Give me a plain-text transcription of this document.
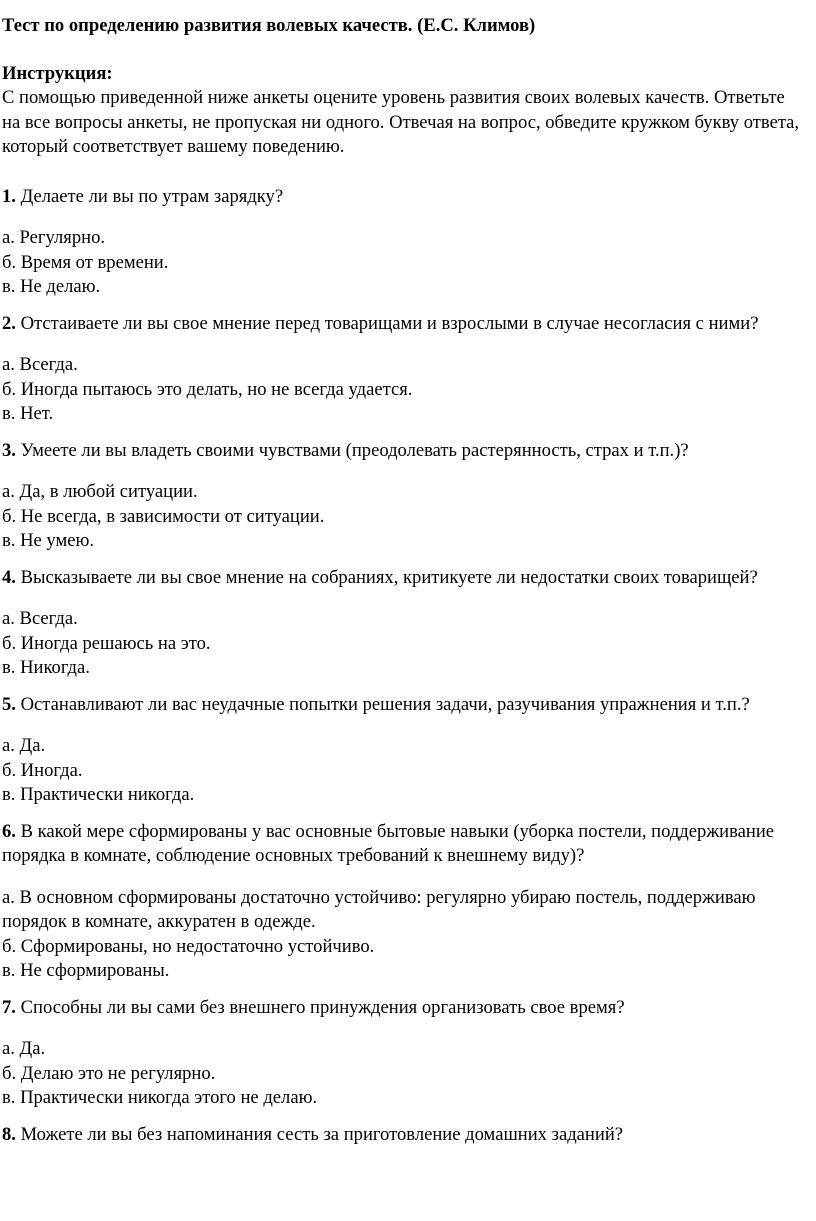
Тест по определению развития волевых качеств. (Е.С. Климов)
Инструкция:
С помощью приведенной ниже анкеты оцените уровень развития своих волевых качеств. Ответьте на все вопросы анкеты, не пропуская ни одного. Отвечая на вопрос, обведите кружком букву ответа, который соответствует вашему поведению.
1. Делаете ли вы по утрам зарядку?
а. Регулярно.
б. Время от времени.
в. Не делаю.
2. Отстаиваете ли вы свое мнение перед товарищами и взрослыми в случае несогласия с ними?
а. Всегда.
б. Иногда пытаюсь это делать, но не всегда удается.
в. Нет.
3. Умеете ли вы владеть своими чувствами (преодолевать растерянность, страх и т.п.)?
а. Да, в любой ситуации.
б. Не всегда, в зависимости от ситуации.
в. Не умею.
4. Высказываете ли вы свое мнение на собраниях, критикуете ли недостатки своих товарищей?
а. Всегда.
б. Иногда решаюсь на это.
в. Никогда.
5. Останавливают ли вас неудачные попытки решения задачи, разучивания упражнения и т.п.?
а. Да.
б. Иногда.
в. Практически никогда.
6. В какой мере сформированы у вас основные бытовые навыки (уборка постели, поддерживание порядка в комнате, соблюдение основных требований к внешнему виду)?
а. В основном сформированы достаточно устойчиво: регулярно убираю постель, поддерживаю порядок в комнате, аккуратен в одежде.
б. Сформированы, но недостаточно устойчиво.
в. Не сформированы.
7. Способны ли вы сами без внешнего принуждения организовать свое время?
а. Да.
б. Делаю это не регулярно.
в. Практически никогда этого не делаю.
8. Можете ли вы без напоминания сесть за приготовление домашних заданий?
